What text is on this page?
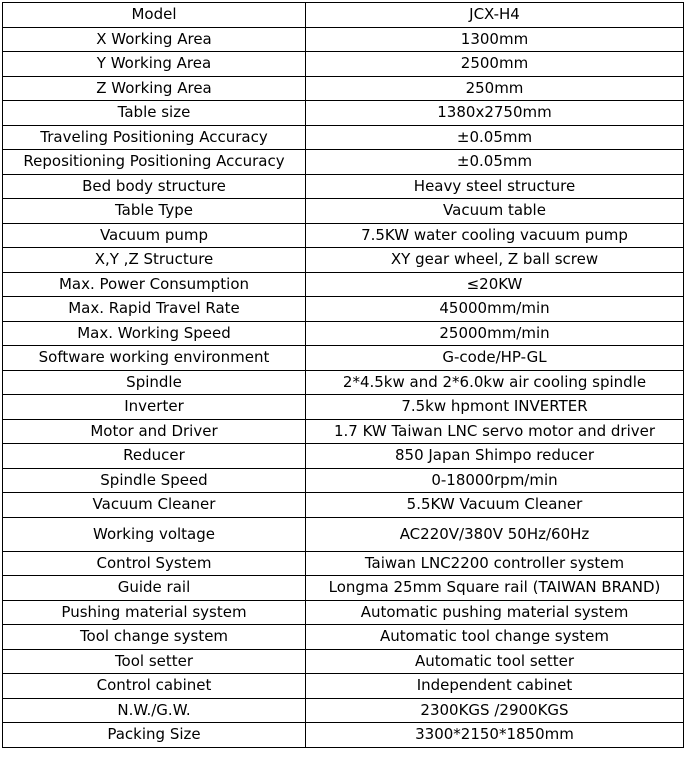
Model	JCX-H4
X Working Area	1300mm
Y Working Area	2500mm
Z Working Area	250mm
Table size	1380x2750mm
Traveling Positioning Accuracy	±0.05mm
Repositioning Positioning Accuracy	±0.05mm
Bed body structure	Heavy steel structure
Table Type	Vacuum table
Vacuum pump	7.5KW water cooling vacuum pump
X,Y ,Z Structure	XY gear wheel, Z ball screw
Max. Power Consumption	≤20KW
Max. Rapid Travel Rate	45000mm/min
Max. Working Speed	25000mm/min
Software working environment	G-code/HP-GL
Spindle	2*4.5kw and 2*6.0kw air cooling spindle
Inverter	7.5kw hpmont INVERTER
Motor and Driver	1.7 KW Taiwan LNC servo motor and driver
Reducer	850 Japan Shimpo reducer
Spindle Speed	0-18000rpm/min
Vacuum Cleaner	5.5KW Vacuum Cleaner
Working voltage	AC220V/380V 50Hz/60Hz
Control System	Taiwan LNC2200 controller system
Guide rail	Longma 25mm Square rail (TAIWAN BRAND)
Pushing material system	Automatic pushing material system
Tool change system	Automatic tool change system
Tool setter	Automatic tool setter
Control cabinet	Independent cabinet
N.W./G.W.	2300KGS /2900KGS
Packing Size	3300*2150*1850mm
